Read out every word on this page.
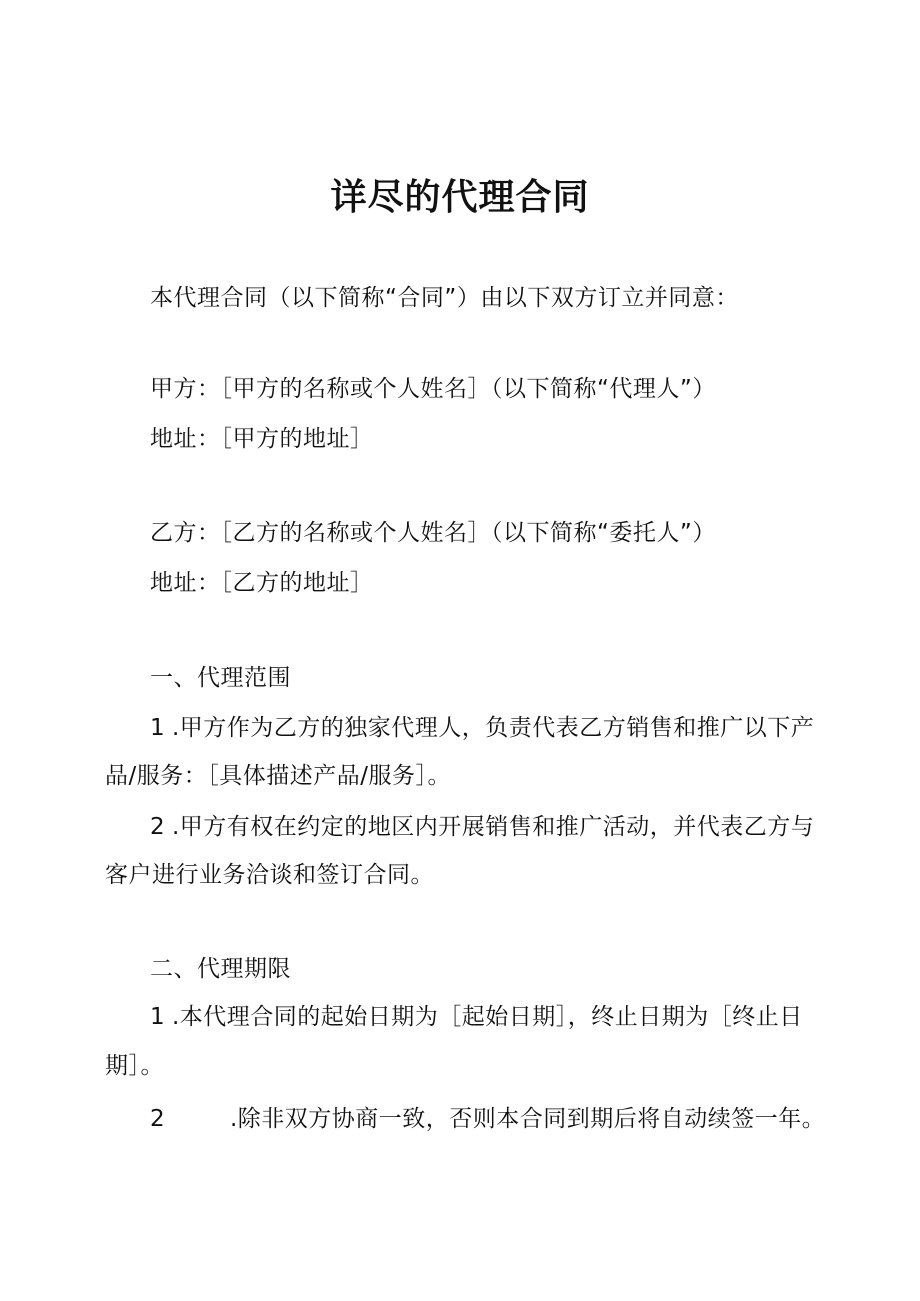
详尽的代理合同
本代理合同（以下简称“合同”）由以下双方订立并同意：
甲方：［甲方的名称或个人姓名］（以下简称“代理人”）
地址：［甲方的地址］
乙方：［乙方的名称或个人姓名］（以下简称“委托人”）
地址：［乙方的地址］
一、代理范围
1 .甲方作为乙方的独家代理人，负责代表乙方销售和推广以下产
品/服务：［具体描述产品/服务］。
2 .甲方有权在约定的地区内开展销售和推广活动，并代表乙方与
客户进行业务洽谈和签订合同。
二、代理期限
1 .本代理合同的起始日期为［起始日期］，终止日期为［终止日
期］。
2	.除非双方协商一致，否则本合同到期后将自动续签一年。
